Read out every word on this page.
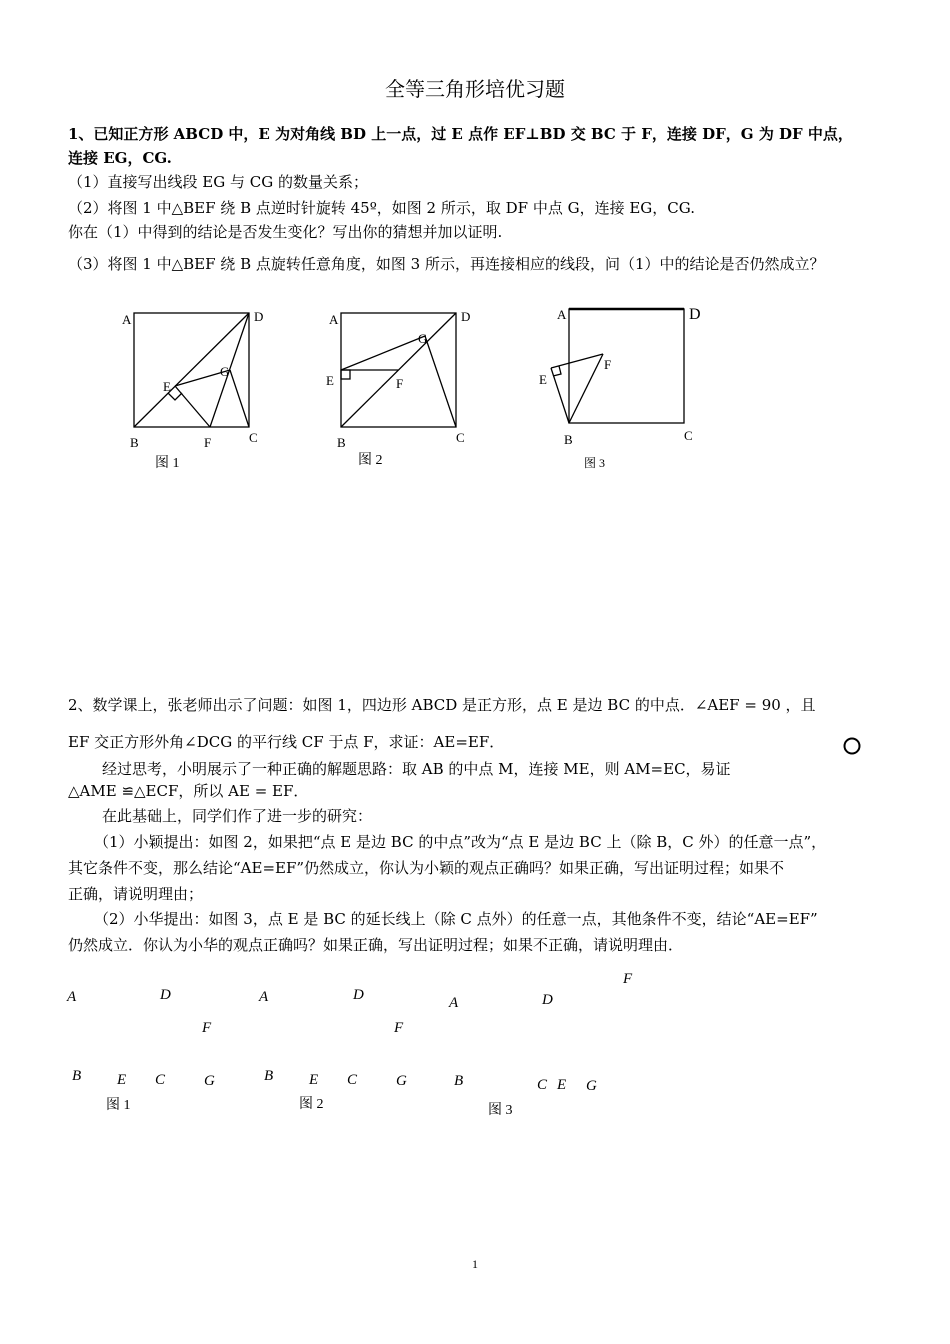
全等三角形培优习题
1、已知正方形 ABCD 中，E 为对角线 BD 上一点，过 E 点作 EF⊥BD 交 BC 于 F，连接 DF，G 为 DF 中点，
连接 EG，CG.
（1）直接写出线段 EG 与 CG 的数量关系；
（2）将图 1 中△BEF 绕 B 点逆时针旋转 45º，如图 2 所示，取 DF 中点 G，连接 EG，CG.
你在（1）中得到的结论是否发生变化？写出你的猜想并加以证明.
（3）将图 1 中△BEF 绕 B 点旋转任意角度，如图 3 所示，再连接相应的线段，问（1）中的结论是否仍然成立？
A	D
E
G
B	F	C
图 1
A	D
G
E	F
B	C
图 2
A	D
F
E
B	C
图 3
2、数学课上，张老师出示了问题：如图 1，四边形 ABCD 是正方形，点 E 是边 BC 的中点．∠AEF = 90 ，且
EF 交正方形外角∠DCG 的平行线 CF 于点 F，求证：AE=EF．
经过思考，小明展示了一种正确的解题思路：取 AB 的中点 M，连接 ME，则 AM=EC，易证
△AME ≌△ECF，所以 AE = EF．
在此基础上，同学们作了进一步的研究：
（1）小颖提出：如图 2，如果把“点 E 是边 BC 的中点”改为“点 E 是边 BC 上（除 B，C 外）的任意一点”，
其它条件不变，那么结论“AE=EF”仍然成立，你认为小颖的观点正确吗？如果正确，写出证明过程；如果不
正确，请说明理由；
（2）小华提出：如图 3，点 E 是 BC 的延长线上（除 C 点外）的任意一点，其他条件不变，结论“AE=EF”
仍然成立．你认为小华的观点正确吗？如果正确，写出证明过程；如果不正确，请说明理由．
A	D
F
B E C	G
图 1
A	D
F
B E C	G
图 2
A	D
F
B	C E G
图 3
1
